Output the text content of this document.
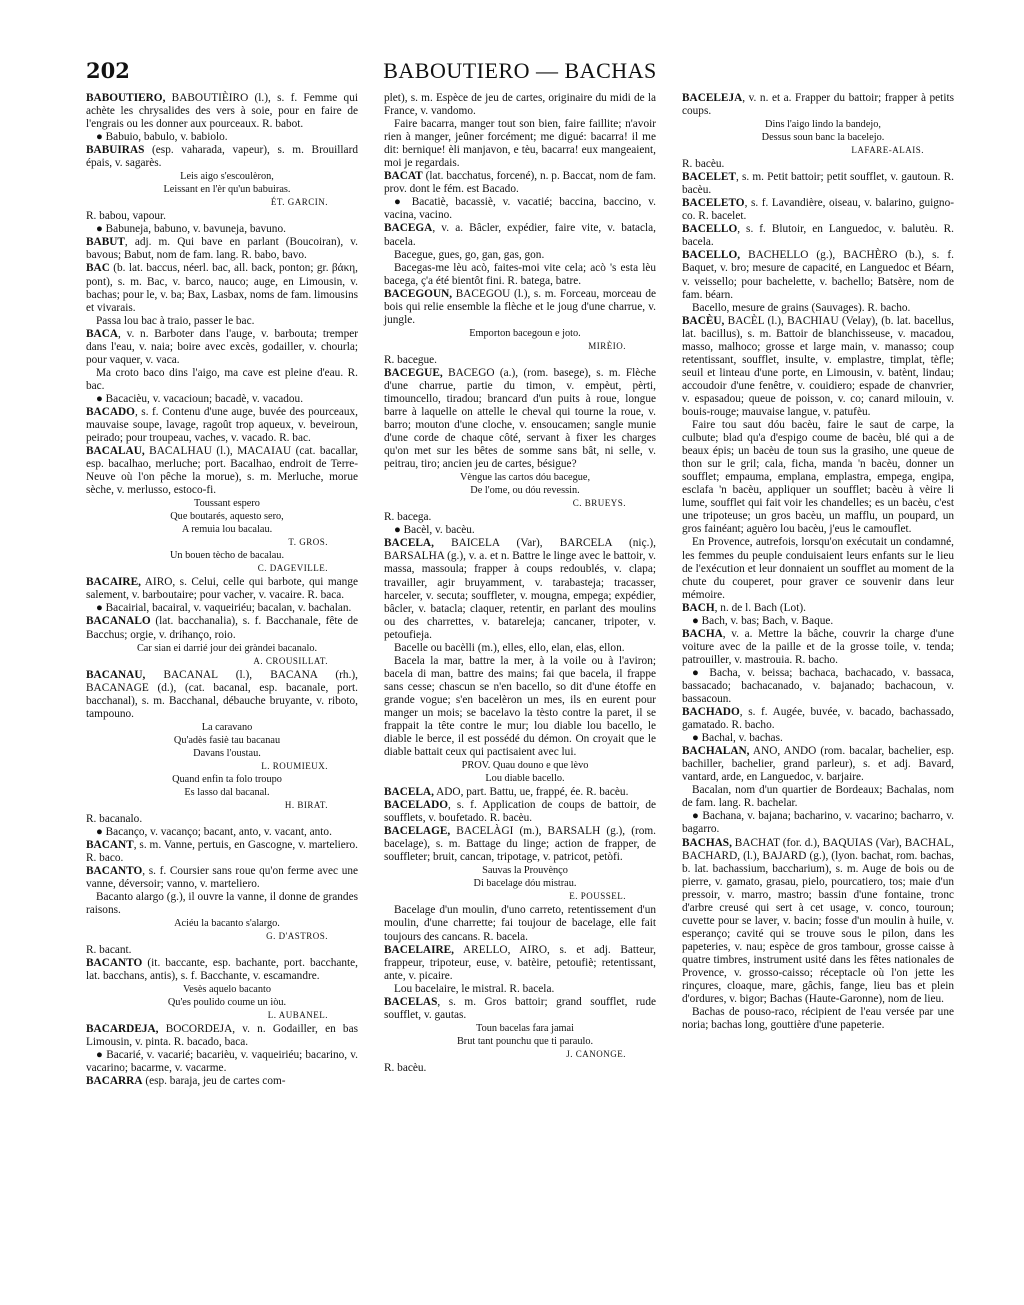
202	BABOUTIERO — BACHAS

BABOUTIERO, BABOUTIÈIRO (l.), s. f. Femme qui achète les chrysalides des vers à soie, pour en faire de l'engrais ou les donner aux pourceaux. R. babot.

● Babuio, babulo, v. babiolo.

BABUIRAS (esp. vaharada, vapeur), s. m. Brouillard épais, v. sagarès.

Leis aigo s'escoulèron,

Leissant en l'èr qu'un babuiras.

ÉT. GARCIN.

R. babou, vapour.

● Babuneja, babuno, v. bavuneja, bavuno.

BABUT, adj. m. Qui bave en parlant (Boucoiran), v. bavous; Babut, nom de fam. lang. R. babo, bavo.

BAC (b. lat. baccus, néerl. bac, all. back, ponton; gr. βάκη, pont), s. m. Bac, v. barco, nauco; auge, en Limousin, v. bachas; pour le, v. ba; Bax, Lasbax, noms de fam. limousins et vivarais.

Passa lou bac à traio, passer le bac.

BACA, v. n. Barboter dans l'auge, v. barbouta; tremper dans l'eau, v. naia; boire avec excès, godailler, v. chourla; pour vaquer, v. vaca.

Ma croto baco dins l'aigo, ma cave est pleine d'eau. R. bac.

● Bacacièu, v. vacacioun; bacadè, v. vacadou.

BACADO, s. f. Contenu d'une auge, buvée des pourceaux, mauvaise soupe, lavage, ragoût trop aqueux, v. beveiroun, peirado; pour troupeau, vaches, v. vacado. R. bac.

BACALAU, BACALHAU (l.), MACAIAU (cat. bacallar, esp. bacalhao, merluche; port. Bacalhao, endroit de Terre-Neuve où l'on pêche la morue), s. m. Merluche, morue sèche, v. merlusso, estoco-fi.

Toussant espero

Que boutarés, aquesto sero,

A remuia lou bacalau.

T. GROS.

Un bouen tècho de bacalau.

C. DAGEVILLE.

BACAIRE, AIRO, s. Celui, celle qui barbote, qui mange salement, v. barboutaire; pour vacher, v. vacaire. R. baca.

● Bacairial, bacairal, v. vaqueiriéu; bacalan, v. bachalan.

BACANALO (lat. bacchanalia), s. f. Bacchanale, fête de Bacchus; orgie, v. drihanço, roio.

Car sian ei darrié jour dei gràndei bacanalo.

A. CROUSILLAT.

BACANAU, BACANAL (l.), BACANA (rh.), BACANAGE (d.), (cat. bacanal, esp. bacanale, port. bacchanal), s. m. Bacchanal, débauche bruyante, v. riboto, tampouno.

La caravano

Qu'adès fasiè tau bacanau

Davans l'oustau.

L. ROUMIEUX.

Quand enfin ta folo troupo

Es lasso dal bacanal.

H. BIRAT.

R. bacanalo.

● Bacanço, v. vacanço; bacant, anto, v. vacant, anto.

BACANT, s. m. Vanne, pertuis, en Gascogne, v. marteliero. R. baco.

BACANTO, s. f. Coursier sans roue qu'on ferme avec une vanne, déversoir; vanno, v. marteliero.

Bacanto alargo (g.), il ouvre la vanne, il donne de grandes raisons.

Aciéu la bacanto s'alargo.

G. D'ASTROS.

R. bacant.

BACANTO (it. baccante, esp. bachante, port. bacchante, lat. bacchans, antis), s. f. Bacchante, v. escamandre.

Vesès aquelo bacanto

Qu'es poulido coume un iòu.

L. AUBANEL.

BACARDEJA, BOCORDEJA, v. n. Godailler, en bas Limousin, v. pinta. R. bacado, baca.

● Bacarié, v. vacarié; bacarièu, v. vaqueiriéu; bacarino, v. vacarino; bacarme, v. vacarme.

BACARRA (esp. baraja, jeu de cartes com-

plet), s. m. Espèce de jeu de cartes, originaire du midi de la France, v. vandomo.

Faire bacarra, manger tout son bien, faire faillite; n'avoir rien à manger, jeûner forcément; me digué: bacarra! il me dit: bernique! èli manjavon, e tèu, bacarra! eux mangeaient, moi je regardais.

BACAT (lat. bacchatus, forcené), n. p. Baccat, nom de fam. prov. dont le fém. est Bacado.

● Bacatiè, bacassiè, v. vacatié; baccina, baccino, v. vacina, vacino.

BACEGA, v. a. Bâcler, expédier, faire vite, v. batacla, bacela.

Bacegue, gues, go, gan, gas, gon.

Bacegas-me lèu acò, faites-moi vite cela; acò 's esta lèu bacega, ç'a été bientôt fini. R. batega, batre.

BACEGOUN, BACEGOU (l.), s. m. Forceau, morceau de bois qui relie ensemble la flèche et le joug d'une charrue, v. jungle.

Emporton bacegoun e joto.

MIRÈIO.

R. bacegue.

BACEGUE, BACEGO (a.), (rom. basege), s. m. Flèche d'une charrue, partie du timon, v. empèut, pèrti, timouncello, tiradou; brancard d'un puits à roue, longue barre à laquelle on attelle le cheval qui tourne la roue, v. barro; mouton d'une cloche, v. ensoucamen; sangle munie d'une corde de chaque côté, servant à fixer les charges qu'on met sur les bêtes de somme sans bât, ni selle, v. peitrau, tiro; ancien jeu de cartes, bésigue?

Vèngue las cartos dóu bacegue,

De l'ome, ou dóu revessin.

C. BRUEYS.

R. bacega.

● Bacèl, v. bacèu.

BACELA, BAICELA (Var), BARCELA (niç.), BARSALHA (g.), v. a. et n. Battre le linge avec le battoir, v. massa, massoula; frapper à coups redoublés, v. clapa; travailler, agir bruyamment, v. tarabasteja; tracasser, harceler, v. secuta; souffleter, v. mougna, empega; expédier, bâcler, v. batacla; claquer, retentir, en parlant des moulins ou des charrettes, v. batareleja; cancaner, tripoter, v. petoufieja.

Bacelle ou bacèlli (m.), elles, ello, elan, elas, ellon.

Bacela la mar, battre la mer, à la voile ou à l'aviron; bacela di man, battre des mains; fai que bacela, il frappe sans cesse; chascun se n'en bacello, so dit d'une étoffe en grande vogue; s'en bacelèron un mes, ils en eurent pour manger un mois; se bacelavo la tèsto contre la paret, il se frappait la tête contre le mur; lou diable lou bacello, le diable le berce, il est possédé du démon. On croyait que le diable battait ceux qui pactisaient avec lui.

PROV. Quau douno e que lèvo

Lou diable bacello.

BACELA, ADO, part. Battu, ue, frappé, ée. R. bacèu.

BACELADO, s. f. Application de coups de battoir, de soufflets, v. boufetado. R. bacèu.

BACELAGE, BACELÀGI (m.), BARSALH (g.), (rom. bacelage), s. m. Battage du linge; action de frapper, de souffleter; bruit, cancan, tripotage, v. patricot, petòfi.

Sauvas la Prouvènço

Di bacelage dóu mistrau.

E. POUSSEL.

Bacelage d'un moulin, d'uno carreto, retentissement d'un moulin, d'une charrette; fai toujour de bacelage, elle fait toujours des cancans. R. bacela.

BACELAIRE, ARELLO, AIRO, s. et adj. Batteur, frappeur, tripoteur, euse, v. batèire, petoufiè; retentissant, ante, v. picaire.

Lou bacelaire, le mistral. R. bacela.

BACELAS, s. m. Gros battoir; grand soufflet, rude soufflet, v. gautas.

Toun bacelas fara jamai

Brut tant pounchu que ti paraulo.

J. CANONGE.

R. bacèu.

BACELEJA, v. n. et a. Frapper du battoir; frapper à petits coups.

Dins l'aigo lindo la bandejo,

Dessus soun banc la bacelejo.

LAFARE-ALAIS.

R. bacèu.

BACELET, s. m. Petit battoir; petit soufflet, v. gautoun. R. bacèu.

BACELETO, s. f. Lavandière, oiseau, v. balarino, guigno-co. R. bacelet.

BACELLO, s. f. Blutoir, en Languedoc, v. balutèu. R. bacela.

BACELLO, BACHELLO (g.), BACHÈRO (b.), s. f. Baquet, v. bro; mesure de capacité, en Languedoc et Béarn, v. veissello; pour bachelette, v. bachello; Batsère, nom de fam. béarn.

Bacello, mesure de grains (Sauvages). R. bacho.

BACÈU, BACÈL (l.), BACHIAU (Velay), (b. lat. bacellus, lat. bacillus), s. m. Battoir de blanchisseuse, v. macadou, masso, malhoco; grosse et large main, v. manasso; coup retentissant, soufflet, insulte, v. emplastre, timplat, tèfle; seuil et linteau d'une porte, en Limousin, v. batènt, lindau; accoudoir d'une fenêtre, v. couidiero; espade de chanvrier, v. espasadou; queue de poisson, v. co; canard milouin, v. bouis-rouge; mauvaise langue, v. patufèu.

Faire tou saut dóu bacèu, faire le saut de carpe, la culbute; blad qu'a d'espigo coume de bacèu, blé qui a de beaux épis; un bacèu de toun sus la grasiho, une queue de thon sur le gril; cala, ficha, manda 'n bacèu, donner un soufflet; empauma, emplana, emplastra, empega, engipa, esclafa 'n bacèu, appliquer un soufflet; bacèu à vèire li lume, soufflet qui fait voir les chandelles; es un bacèu, c'est une tripoteuse; un gros bacèu, un mafflu, un poupard, un gros fainéant; aguèro lou bacèu, j'eus le camouflet.

En Provence, autrefois, lorsqu'on exécutait un condamné, les femmes du peuple conduisaient leurs enfants sur le lieu de l'exécution et leur donnaient un soufflet au moment de la chute du couperet, pour graver ce souvenir dans leur mémoire.

BACH, n. de l. Bach (Lot).

● Bach, v. bas; Bach, v. Baque.

BACHA, v. a. Mettre la bâche, couvrir la charge d'une voiture avec de la paille et de la grosse toile, v. tenda; patrouiller, v. mastrouia. R. bacho.

● Bacha, v. beissa; bachaca, bachacado, v. bassaca, bassacado; bachacanado, v. bajanado; bachacoun, v. bassacoun.

BACHADO, s. f. Augée, buvée, v. bacado, bachassado, gamatado. R. bacho.

● Bachal, v. bachas.

BACHALAN, ANO, ANDO (rom. bacalar, bachelier, esp. bachiller, bachelier, grand parleur), s. et adj. Bavard, vantard, arde, en Languedoc, v. barjaire.

Bacalan, nom d'un quartier de Bordeaux; Bachalas, nom de fam. lang. R. bachelar.

● Bachana, v. bajana; bacharino, v. vacarino; bacharro, v. bagarro.

BACHAS, BACHAT (for. d.), BAQUIAS (Var), BACHAL, BACHARD, (l.), BAJARD (g.), (lyon. bachat, rom. bachas, b. lat. bachassium, baccharium), s. m. Auge de bois ou de pierre, v. gamato, grasau, pielo, pourcatiero, tos; maie d'un pressoir, v. marro, mastro; bassin d'une fontaine, tronc d'arbre creusé qui sert à cet usage, v. conco, touroun; cuvette pour se laver, v. bacin; fosse d'un moulin à huile, v. esperanço; cavité qui se trouve sous le pilon, dans les papeteries, v. nau; espèce de gros tambour, grosse caisse à quatre timbres, instrument usité dans les fêtes nationales de Provence, v. grosso-caisso; réceptacle où l'on jette les rinçures, cloaque, mare, gâchis, fange, lieu bas et plein d'ordures, v. bigor; Bachas (Haute-Garonne), nom de lieu.

Bachas de pouso-raco, récipient de l'eau versée par une noria; bachas long, gouttière d'une papeterie.
